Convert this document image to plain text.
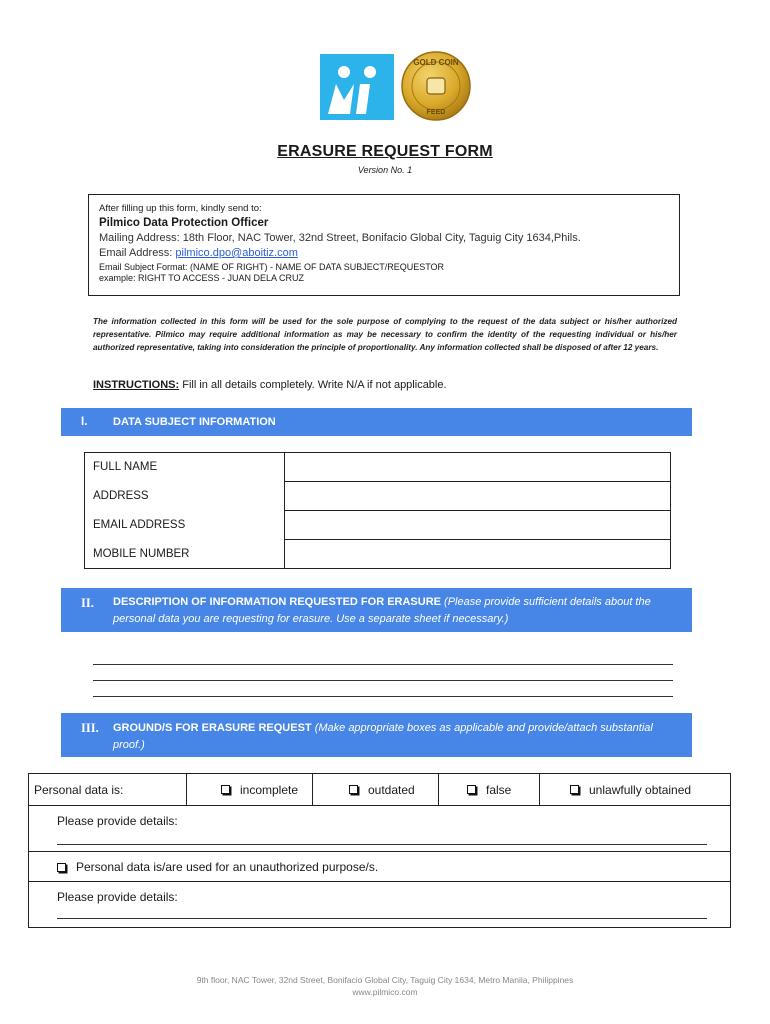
GOLD COIN
FEED
ERASURE REQUEST FORM
Version No. 1
After filling up this form, kindly send to:
Pilmico Data Protection Officer
Mailing Address: 18th Floor, NAC Tower, 32nd Street, Bonifacio Global City, Taguig City 1634,Phils.
Email Address: pilmico.dpo@aboitiz.com
Email Subject Format: (NAME OF RIGHT) - NAME OF DATA SUBJECT/REQUESTOR
example: RIGHT TO ACCESS - JUAN DELA CRUZ
The information collected in this form will be used for the sole purpose of complying to the request of the data subject or his/her authorized representative. Pilmico may require additional information as may be necessary to confirm the identity of the requesting individual or his/her authorized representative, taking into consideration the principle of proportionality. Any information collected shall be disposed of after 12 years.
INSTRUCTIONS: Fill in all details completely. Write N/A if not applicable.
I. DATA SUBJECT INFORMATION
FULL NAME	
ADDRESS	
EMAIL ADDRESS	
MOBILE NUMBER	
II. DESCRIPTION OF INFORMATION REQUESTED FOR ERASURE (Please provide sufficient details about the personal data you are requesting for erasure. Use a separate sheet if necessary.)
III. GROUND/S FOR ERASURE REQUEST (Make appropriate boxes as applicable and provide/attach substantial proof.)
Personal data is:	incomplete	outdated	false	unlawfully obtained
Please provide details:
Personal data is/are used for an unauthorized purpose/s.
Please provide details:
9th floor, NAC Tower, 32nd Street, Bonifacio Global City, Taguig City 1634, Metro Manila, Philippines
www.pilmico.com
